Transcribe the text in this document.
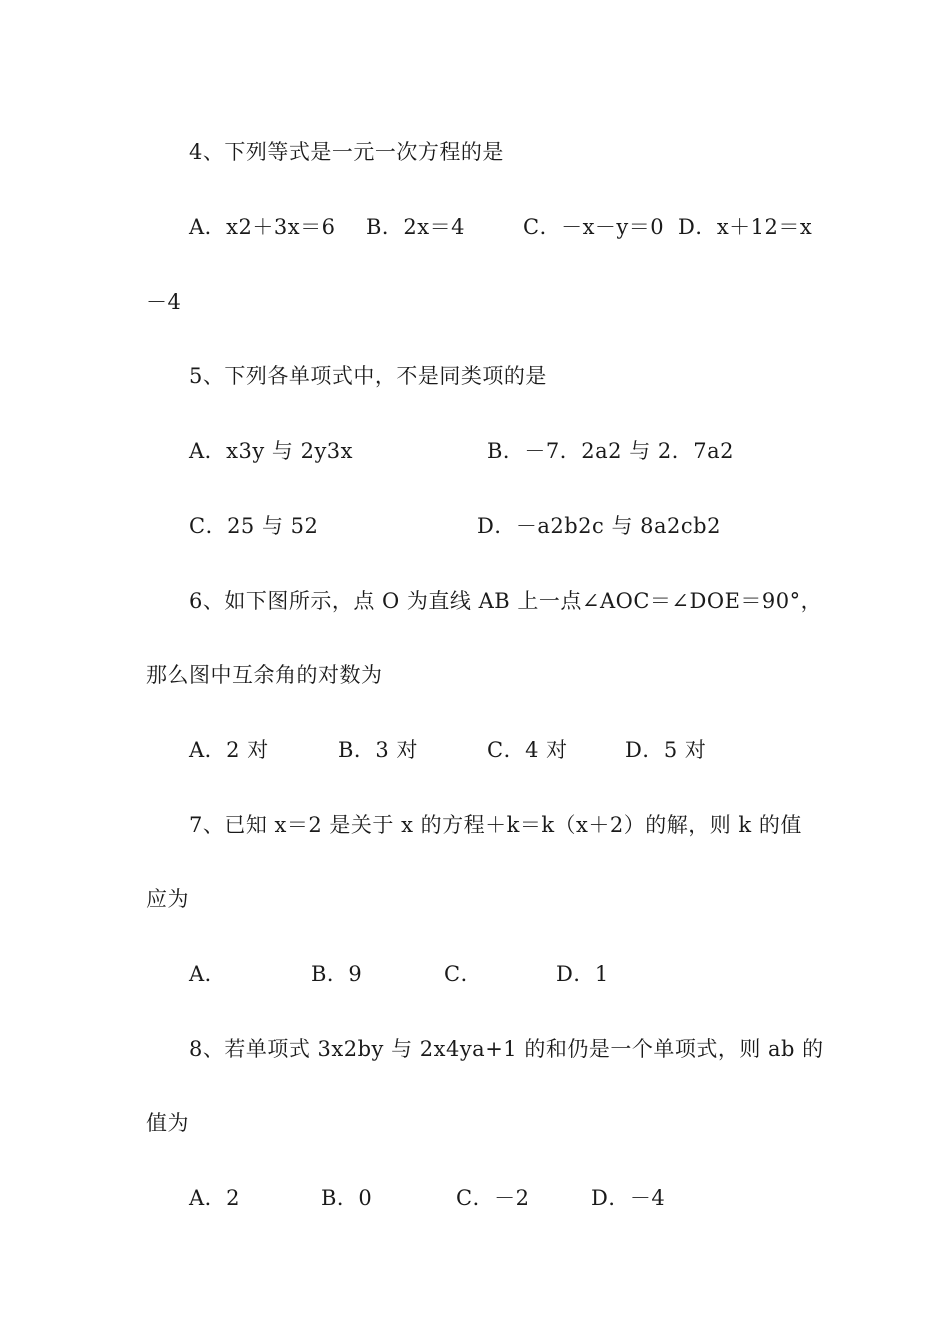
4、下列等式是一元一次方程的是
A．x2＋3x＝6 B．2x＝4	C．－x－y＝0 D．x＋12＝x
－4
5、下列各单项式中，不是同类项的是
A．x3y 与 2y3x	B．－7．2a2 与 2．7a2
C．25 与 52	D．－a2b2c 与 8a2cb2
6、如下图所示，点 O 为直线 AB 上一点∠AOC＝∠DOE＝90°，
那么图中互余角的对数为
A．2 对	B．3 对	C．4 对	D．5 对
7、已知 x＝2 是关于 x 的方程＋k＝k（x＋2）的解，则 k 的值
应为
A．	B．9	C．	D．1
8、若单项式 3x2by 与 2x4ya+1 的和仍是一个单项式，则 ab 的
值为
A．2	B．0	C．－2	D．－4
